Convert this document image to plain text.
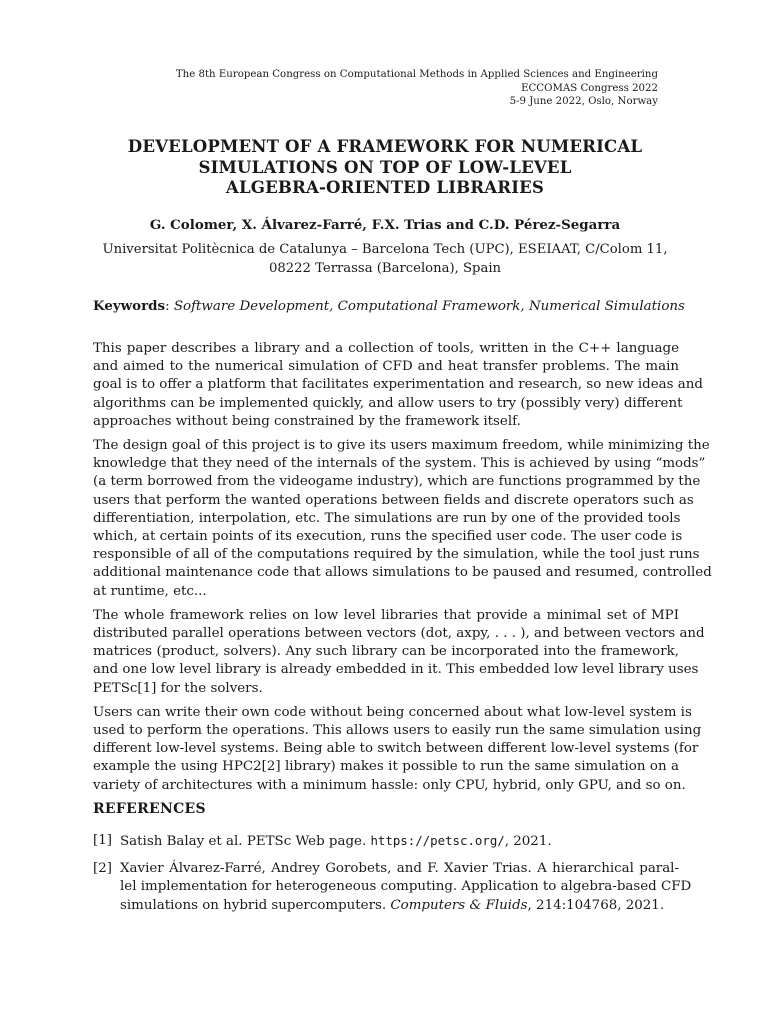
The 8th European Congress on Computational Methods in Applied Sciences and Engineering
ECCOMAS Congress 2022
5-9 June 2022, Oslo, Norway
DEVELOPMENT OF A FRAMEWORK FOR NUMERICAL
SIMULATIONS ON TOP OF LOW-LEVEL
ALGEBRA-ORIENTED LIBRARIES
G. Colomer, X. Álvarez-Farré, F.X. Trias and C.D. Pérez-Segarra
Universitat Politècnica de Catalunya – Barcelona Tech (UPC), ESEIAAT, C/Colom 11,
08222 Terrassa (Barcelona), Spain
Keywords: Software Development, Computational Framework, Numerical Simulations
This paper describes a library and a collection of tools, written in the C++ language
and aimed to the numerical simulation of CFD and heat transfer problems. The main
goal is to offer a platform that facilitates experimentation and research, so new ideas and
algorithms can be implemented quickly, and allow users to try (possibly very) different
approaches without being constrained by the framework itself.
The design goal of this project is to give its users maximum freedom, while minimizing the
knowledge that they need of the internals of the system. This is achieved by using “mods”
(a term borrowed from the videogame industry), which are functions programmed by the
users that perform the wanted operations between fields and discrete operators such as
differentiation, interpolation, etc. The simulations are run by one of the provided tools
which, at certain points of its execution, runs the specified user code. The user code is
responsible of all of the computations required by the simulation, while the tool just runs
additional maintenance code that allows simulations to be paused and resumed, controlled
at runtime, etc...
The whole framework relies on low level libraries that provide a minimal set of MPI
distributed parallel operations between vectors (dot, axpy, . . . ), and between vectors and
matrices (product, solvers). Any such library can be incorporated into the framework,
and one low level library is already embedded in it. This embedded low level library uses
PETSc[1] for the solvers.
Users can write their own code without being concerned about what low-level system is
used to perform the operations. This allows users to easily run the same simulation using
different low-level systems. Being able to switch between different low-level systems (for
example the using HPC2[2] library) makes it possible to run the same simulation on a
variety of architectures with a minimum hassle: only CPU, hybrid, only GPU, and so on.
REFERENCES
[1] Satish Balay et al. PETSc Web page. https://petsc.org/, 2021.
[2] Xavier Álvarez-Farré, Andrey Gorobets, and F. Xavier Trias. A hierarchical paral-
lel implementation for heterogeneous computing. Application to algebra-based CFD
simulations on hybrid supercomputers. Computers & Fluids, 214:104768, 2021.
